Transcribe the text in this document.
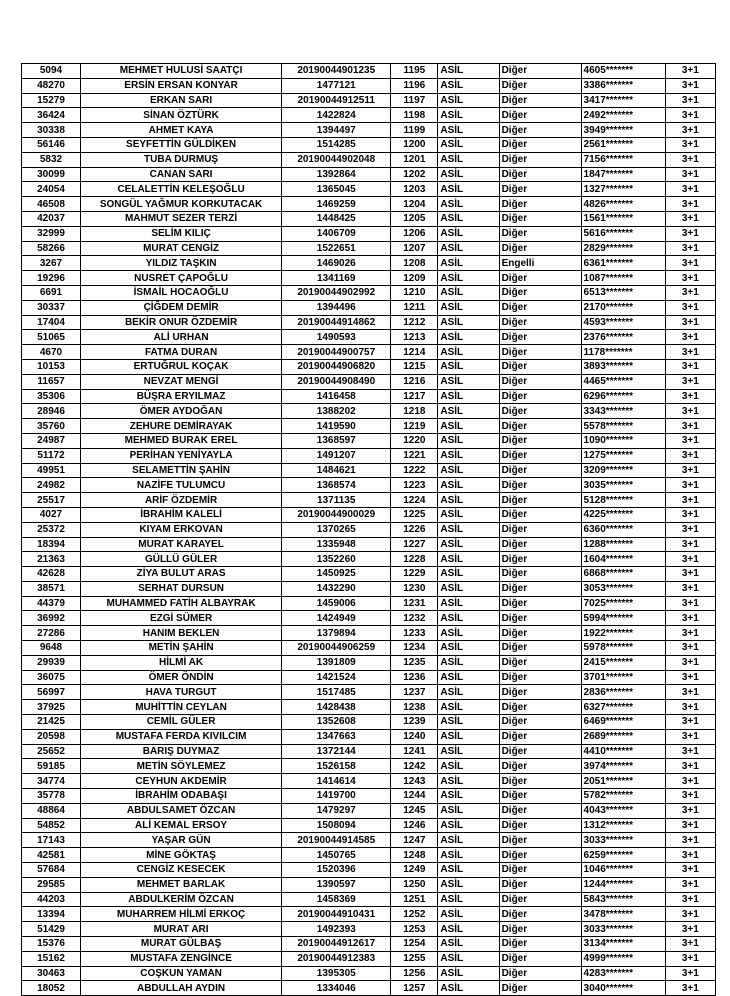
5094	MEHMET HULUSİ SAATÇI	20190044901235	1195	ASİL	Diğer	4605*******	3+1
48270	ERSİN ERSAN KONYAR	1477121	1196	ASİL	Diğer	3386*******	3+1
15279	ERKAN SARI	20190044912511	1197	ASİL	Diğer	3417*******	3+1
36424	SİNAN ÖZTÜRK	1422824	1198	ASİL	Diğer	2492*******	3+1
30338	AHMET KAYA	1394497	1199	ASİL	Diğer	3949*******	3+1
56146	SEYFETTİN GÜLDİKEN	1514285	1200	ASİL	Diğer	2561*******	3+1
5832	TUBA DURMUŞ	20190044902048	1201	ASİL	Diğer	7156*******	3+1
30099	CANAN SARI	1392864	1202	ASİL	Diğer	1847*******	3+1
24054	CELALETTİN KELEŞOĞLU	1365045	1203	ASİL	Diğer	1327*******	3+1
46508	SONGÜL YAĞMUR KORKUTACAK	1469259	1204	ASİL	Diğer	4826*******	3+1
42037	MAHMUT SEZER TERZİ	1448425	1205	ASİL	Diğer	1561*******	3+1
32999	SELİM KILIÇ	1406709	1206	ASİL	Diğer	5616*******	3+1
58266	MURAT CENGİZ	1522651	1207	ASİL	Diğer	2829*******	3+1
3267	YILDIZ TAŞKIN	1469026	1208	ASİL	Engelli	6361*******	3+1
19296	NUSRET ÇAPOĞLU	1341169	1209	ASİL	Diğer	1087*******	3+1
6691	İSMAİL HOCAOĞLU	20190044902992	1210	ASİL	Diğer	6513*******	3+1
30337	ÇİĞDEM DEMİR	1394496	1211	ASİL	Diğer	2170*******	3+1
17404	BEKİR ONUR ÖZDEMİR	20190044914862	1212	ASİL	Diğer	4593*******	3+1
51065	ALİ URHAN	1490593	1213	ASİL	Diğer	2376*******	3+1
4670	FATMA DURAN	20190044900757	1214	ASİL	Diğer	1178*******	3+1
10153	ERTUĞRUL KOÇAK	20190044906820	1215	ASİL	Diğer	3893*******	3+1
11657	NEVZAT MENGİ	20190044908490	1216	ASİL	Diğer	4465*******	3+1
35306	BÜŞRA ERYILMAZ	1416458	1217	ASİL	Diğer	6296*******	3+1
28946	ÖMER AYDOĞAN	1388202	1218	ASİL	Diğer	3343*******	3+1
35760	ZEHURE DEMİRAYAK	1419590	1219	ASİL	Diğer	5578*******	3+1
24987	MEHMED BURAK EREL	1368597	1220	ASİL	Diğer	1090*******	3+1
51172	PERİHAN YENİYAYLA	1491207	1221	ASİL	Diğer	1275*******	3+1
49951	SELAMETTİN ŞAHİN	1484621	1222	ASİL	Diğer	3209*******	3+1
24982	NAZİFE TULUMCU	1368574	1223	ASİL	Diğer	3035*******	3+1
25517	ARİF ÖZDEMİR	1371135	1224	ASİL	Diğer	5128*******	3+1
4027	İBRAHİM KALELİ	20190044900029	1225	ASİL	Diğer	4225*******	3+1
25372	KIYAM ERKOVAN	1370265	1226	ASİL	Diğer	6360*******	3+1
18394	MURAT KARAYEL	1335948	1227	ASİL	Diğer	1288*******	3+1
21363	GÜLLÜ GÜLER	1352260	1228	ASİL	Diğer	1604*******	3+1
42628	ZİYA BULUT ARAS	1450925	1229	ASİL	Diğer	6868*******	3+1
38571	SERHAT DURSUN	1432290	1230	ASİL	Diğer	3053*******	3+1
44379	MUHAMMED FATİH ALBAYRAK	1459006	1231	ASİL	Diğer	7025*******	3+1
36992	EZGİ SÜMER	1424949	1232	ASİL	Diğer	5994*******	3+1
27286	HANIM BEKLEN	1379894	1233	ASİL	Diğer	1922*******	3+1
9648	METİN ŞAHİN	20190044906259	1234	ASİL	Diğer	5978*******	3+1
29939	HİLMİ AK	1391809	1235	ASİL	Diğer	2415*******	3+1
36075	ÖMER ÖNDİN	1421524	1236	ASİL	Diğer	3701*******	3+1
56997	HAVA TURGUT	1517485	1237	ASİL	Diğer	2836*******	3+1
37925	MUHİTTİN CEYLAN	1428438	1238	ASİL	Diğer	6327*******	3+1
21425	CEMİL GÜLER	1352608	1239	ASİL	Diğer	6469*******	3+1
20598	MUSTAFA FERDA KIVILCIM	1347663	1240	ASİL	Diğer	2689*******	3+1
25652	BARIŞ DUYMAZ	1372144	1241	ASİL	Diğer	4410*******	3+1
59185	METİN SÖYLEMEZ	1526158	1242	ASİL	Diğer	3974*******	3+1
34774	CEYHUN AKDEMİR	1414614	1243	ASİL	Diğer	2051*******	3+1
35778	İBRAHİM ODABAŞI	1419700	1244	ASİL	Diğer	5782*******	3+1
48864	ABDULSAMET ÖZCAN	1479297	1245	ASİL	Diğer	4043*******	3+1
54852	ALİ KEMAL ERSOY	1508094	1246	ASİL	Diğer	1312*******	3+1
17143	YAŞAR GÜN	20190044914585	1247	ASİL	Diğer	3033*******	3+1
42581	MİNE GÖKTAŞ	1450765	1248	ASİL	Diğer	6259*******	3+1
57684	CENGİZ KESECEK	1520396	1249	ASİL	Diğer	1046*******	3+1
29585	MEHMET BARLAK	1390597	1250	ASİL	Diğer	1244*******	3+1
44203	ABDULKERİM ÖZCAN	1458369	1251	ASİL	Diğer	5843*******	3+1
13394	MUHARREM HİLMİ ERKOÇ	20190044910431	1252	ASİL	Diğer	3478*******	3+1
51429	MURAT ARI	1492393	1253	ASİL	Diğer	3033*******	3+1
15376	MURAT GÜLBAŞ	20190044912617	1254	ASİL	Diğer	3134*******	3+1
15162	MUSTAFA ZENGİNCE	20190044912383	1255	ASİL	Diğer	4999*******	3+1
30463	COŞKUN YAMAN	1395305	1256	ASİL	Diğer	4283*******	3+1
18052	ABDULLAH AYDIN	1334046	1257	ASİL	Diğer	3040*******	3+1
